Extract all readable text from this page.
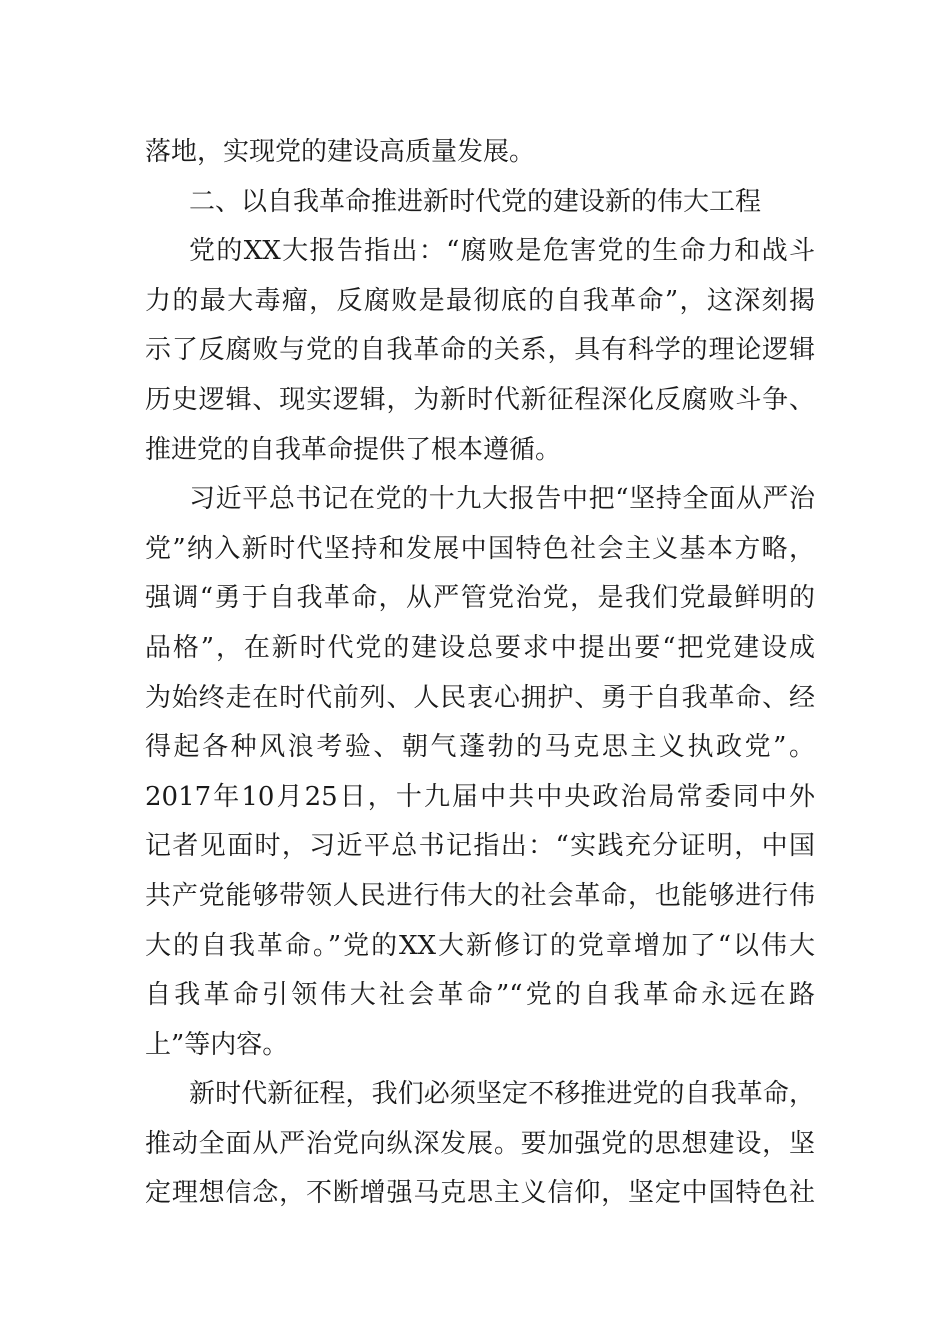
落地，实现党的建设高质量发展。
二、以自我革命推进新时代党的建设新的伟大工程
党的XX大报告指出：“腐败是危害党的生命力和战斗
力的最大毒瘤，反腐败是最彻底的自我革命”，这深刻揭
示了反腐败与党的自我革命的关系，具有科学的理论逻辑
历史逻辑、现实逻辑，为新时代新征程深化反腐败斗争、
推进党的自我革命提供了根本遵循。
习近平总书记在党的十九大报告中把“坚持全面从严治
党”纳入新时代坚持和发展中国特色社会主义基本方略，
强调“勇于自我革命，从严管党治党，是我们党最鲜明的
品格”，在新时代党的建设总要求中提出要“把党建设成
为始终走在时代前列、人民衷心拥护、勇于自我革命、经
得起各种风浪考验、朝气蓬勃的马克思主义执政党”。
2017年10月25日，十九届中共中央政治局常委同中外
记者见面时，习近平总书记指出：“实践充分证明，中国
共产党能够带领人民进行伟大的社会革命，也能够进行伟
大的自我革命。”党的XX大新修订的党章增加了“以伟大
自我革命引领伟大社会革命”“党的自我革命永远在路
上”等内容。
新时代新征程，我们必须坚定不移推进党的自我革命，
推动全面从严治党向纵深发展。要加强党的思想建设，坚
定理想信念，不断增强马克思主义信仰，坚定中国特色社
